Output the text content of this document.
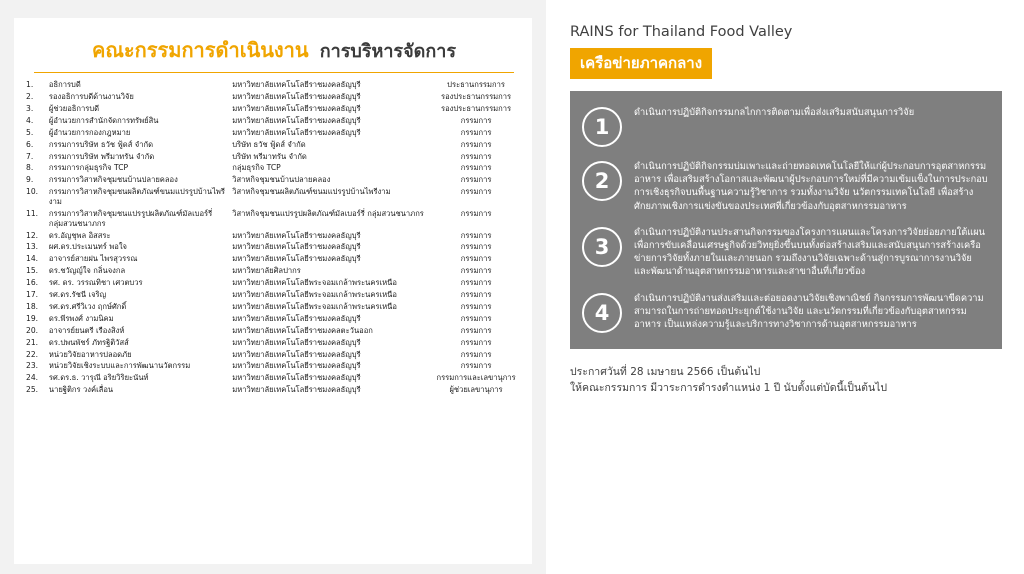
คณะกรรมการดำเนินงาน การบริหารจัดการ
1.	อธิการบดี	มหาวิทยาลัยเทคโนโลยีราชมงคลธัญบุรี	ประธานกรรมการ
2.	รองอธิการบดีด้านงานวิจัย	มหาวิทยาลัยเทคโนโลยีราชมงคลธัญบุรี	รองประธานกรรมการ
3.	ผู้ช่วยอธิการบดี	มหาวิทยาลัยเทคโนโลยีราชมงคลธัญบุรี	รองประธานกรรมการ
4.	ผู้อำนวยการสำนักจัดการทรัพย์สิน	มหาวิทยาลัยเทคโนโลยีราชมงคลธัญบุรี	กรรมการ
5.	ผู้อำนวยการกองกฎหมาย	มหาวิทยาลัยเทคโนโลยีราชมงคลธัญบุรี	กรรมการ
6.	กรรมการบริษัท ธวัช ฟู้ดส์ จำกัด	บริษัท ธวัช ฟู้ดส์ จำกัด	กรรมการ
7.	กรรมการบริษัท พรีมาทรัน จำกัด	บริษัท พรีมาทรัน จำกัด	กรรมการ
8.	กรรมการกลุ่มธุรกิจ TCP	กลุ่มธุรกิจ TCP	กรรมการ
9.	กรรมการวิสาหกิจชุมชนบ้านปลายคลอง	วิสาหกิจชุมชนบ้านปลายคลอง	กรรมการ
10.	กรรมการวิสาหกิจชุมชนผลิตภัณฑ์ขนมแปรรูปบ้านไพรีงาม	วิสาหกิจชุมชนผลิตภัณฑ์ขนมแปรรูปบ้านไพรีงาม	กรรมการ
11.	กรรมการวิสาหกิจชุมชนแปรรูปผลิตภัณฑ์มัลเบอร์รี่ กลุ่มสวนชนาภกร	วิสาหกิจชุมชนแปรรูปผลิตภัณฑ์มัลเบอร์รี่ กลุ่มสวนชนาภกร	กรรมการ
12.	ดร.อัญชุพล อิสสระ	มหาวิทยาลัยเทคโนโลยีราชมงคลธัญบุรี	กรรมการ
13.	ผศ.ดร.ประเมนทร์ พอใจ	มหาวิทยาลัยเทคโนโลยีราชมงคลธัญบุรี	กรรมการ
14.	อาจารย์สายฝน ไพรสุวรรณ	มหาวิทยาลัยเทคโนโลยีราชมงคลธัญบุรี	กรรมการ
15.	ดร.ชวัญญ์ใจ กลิ่นจงกล	มหาวิทยาลัยศิลปากร	กรรมการ
16.	รศ. ดร. วรรณทิชา เศวตบวร	มหาวิทยาลัยเทคโนโลยีพระจอมเกล้าพระนครเหนือ	กรรมการ
17.	รศ.ดร.รัชนี เจริญ	มหาวิทยาลัยเทคโนโลยีพระจอมเกล้าพระนครเหนือ	กรรมการ
18.	รศ.ดร.ศรีวิเวง ฤกษ์ศักดิ์	มหาวิทยาลัยเทคโนโลยีพระจอมเกล้าพระนครเหนือ	กรรมการ
19.	ดร.พีรพงศ์ งามนิคม	มหาวิทยาลัยเทคโนโลยีราชมงคลธัญบุรี	กรรมการ
20.	อาจารย์ยนตรี เรืองสิงห์	มหาวิทยาลัยเทคโนโลยีราชมงคลตะวันออก	กรรมการ
21.	ดร.ปพนพัชร์ ภัทรฐิติวัสส์	มหาวิทยาลัยเทคโนโลยีราชมงคลธัญบุรี	กรรมการ
22.	หน่วยวิจัยอาหารปลอดภัย	มหาวิทยาลัยเทคโนโลยีราชมงคลธัญบุรี	กรรมการ
23.	หน่วยวิจัยเชิงระบบและการพัฒนานวัตกรรม	มหาวิทยาลัยเทคโนโลยีราชมงคลธัญบุรี	กรรมการ
24.	รศ.ดร.ธ. วารุณี อริยวิริยะนันท์	มหาวิทยาลัยเทคโนโลยีราชมงคลธัญบุรี	กรรมการและเลขานุการ
25.	นายฐิติกร วงค์เลื่อน	มหาวิทยาลัยเทคโนโลยีราชมงคลธัญบุรี	ผู้ช่วยเลขานุการ
RAINS for Thailand Food Valley
เครือข่ายภาคกลาง
1
ดำเนินการปฏิบัติกิจกรรมกลไกการติดตามเพื่อส่งเสริมสนับสนุนการวิจัย
2
ดำเนินการปฏิบัติกิจกรรมบ่มเพาะและถ่ายทอดเทคโนโลยีให้แก่ผู้ประกอบการอุตสาหกรรมอาหาร เพื่อเสริมสร้างโอกาสและพัฒนาผู้ประกอบการใหม่ที่มีความเข้มแข็งในการประกอบการเชิงธุรกิจบนพื้นฐานความรู้วิชาการ รวมทั้งงานวิจัย นวัตกรรมเทคโนโลยี เพื่อสร้างศักยภาพเชิงการแข่งขันของประเทศที่เกี่ยวข้องกับอุตสาหกรรมอาหาร
3
ดำเนินการปฏิบัติงานประสานกิจกรรมของโครงการแผนและโครงการวิจัยย่อยภายใต้แผน เพื่อการขับเคลื่อนเศรษฐกิจด้วยวิทยุยิ่งขึ้นบนทั้งต่อสร้างเสริมและสนับสนุนการสร้างเครือข่ายการวิจัยทั้งภายในและภายนอก รวมถึงงานวิจัยเฉพาะด้านสู่การบูรณาการงานวิจัยและพัฒนาด้านอุตสาหกรรมอาหารและสาขาอื่นที่เกี่ยวข้อง
4
ดำเนินการปฏิบัติงานส่งเสริมและต่อยอดงานวิจัยเชิงพาณิชย์ กิจกรรมการพัฒนาขีดความสามารถในการถ่ายทอดประยุกต์ใช้งานวิจัย และนวัตกรรมที่เกี่ยวข้องกับอุตสาหกรรมอาหาร เป็นแหล่งความรู้และบริการทางวิชาการด้านอุตสาหกรรมอาหาร
ประกาศวันที่ 28 เมษายน 2566 เป็นต้นไป
ให้คณะกรรมการ มีวาระการดำรงตำแหน่ง 1 ปี นับตั้งแต่บัดนี้เป็นต้นไป
